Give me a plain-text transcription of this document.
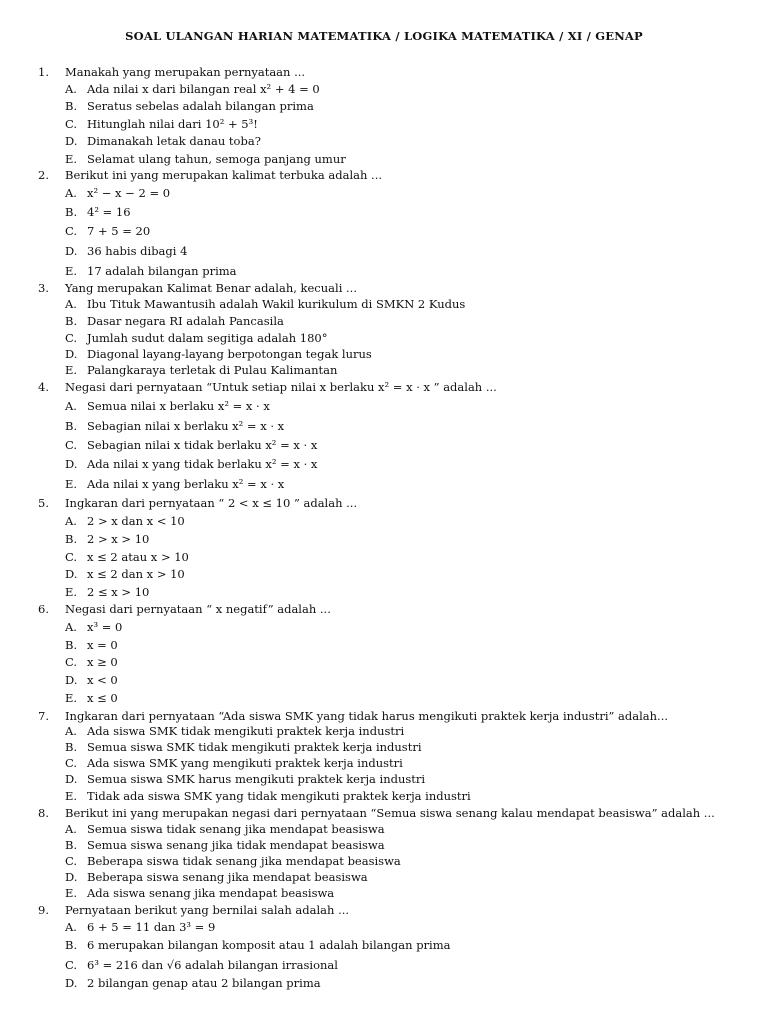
SOAL ULANGAN HARIAN MATEMATIKA / LOGIKA MATEMATIKA / XI / GENAP
1.	Manakah yang merupakan pernyataan ...
A. Ada nilai x dari bilangan real x² + 4 = 0
B. Seratus sebelas adalah bilangan prima
C. Hitunglah nilai dari 10² + 5³!
D. Dimanakah letak danau toba?
E. Selamat ulang tahun, semoga panjang umur
2.	Berikut ini yang merupakan kalimat terbuka adalah ...
A. x² − x − 2 = 0
B. 4² = 16
C. 7 + 5 = 20
D. 36 habis dibagi 4
E. 17 adalah bilangan prima
3.	Yang merupakan Kalimat Benar adalah, kecuali ...
A. Ibu Tituk Mawantusih adalah Wakil kurikulum di SMKN 2 Kudus
B. Dasar negara RI adalah Pancasila
C. Jumlah sudut dalam segitiga adalah 180°
D. Diagonal layang-layang berpotongan tegak lurus
E. Palangkaraya terletak di Pulau Kalimantan
4.	Negasi dari pernyataan “Untuk setiap nilai x berlaku x² = x · x ” adalah ...
A. Semua nilai x berlaku x² = x · x
B. Sebagian nilai x berlaku x² = x · x
C. Sebagian nilai x tidak berlaku x² = x · x
D. Ada nilai x yang tidak berlaku x² = x · x
E. Ada nilai x yang berlaku x² = x · x
5.	Ingkaran dari pernyataan “ 2 < x ≤ 10 ” adalah ...
A. 2 > x dan x < 10
B. 2 > x > 10
C. x ≤ 2 atau x > 10
D. x ≤ 2 dan x > 10
E. 2 ≤ x > 10
6.	Negasi dari pernyataan “ x negatif” adalah ...
A. x³ = 0
B. x = 0
C. x ≥ 0
D. x < 0
E. x ≤ 0
7.	Ingkaran dari pernyataan “Ada siswa SMK yang tidak harus mengikuti praktek kerja industri” adalah...
A. Ada siswa SMK tidak mengikuti praktek kerja industri
B. Semua siswa SMK tidak mengikuti praktek kerja industri
C. Ada siswa SMK yang mengikuti praktek kerja industri
D. Semua siswa SMK harus mengikuti praktek kerja industri
E. Tidak ada siswa SMK yang tidak mengikuti praktek kerja industri
8.	Berikut ini yang merupakan negasi dari pernyataan “Semua siswa senang kalau mendapat beasiswa” adalah ...
A. Semua siswa tidak senang jika mendapat beasiswa
B. Semua siswa senang jika tidak mendapat beasiswa
C. Beberapa siswa tidak senang jika mendapat beasiswa
D. Beberapa siswa senang jika mendapat beasiswa
E. Ada siswa senang jika mendapat beasiswa
9.	Pernyataan berikut yang bernilai salah adalah ...
A. 6 + 5 = 11 dan 3³ = 9
B. 6 merupakan bilangan komposit atau 1 adalah bilangan prima
C. 6³ = 216 dan √6 adalah bilangan irrasional
D. 2 bilangan genap atau 2 bilangan prima
